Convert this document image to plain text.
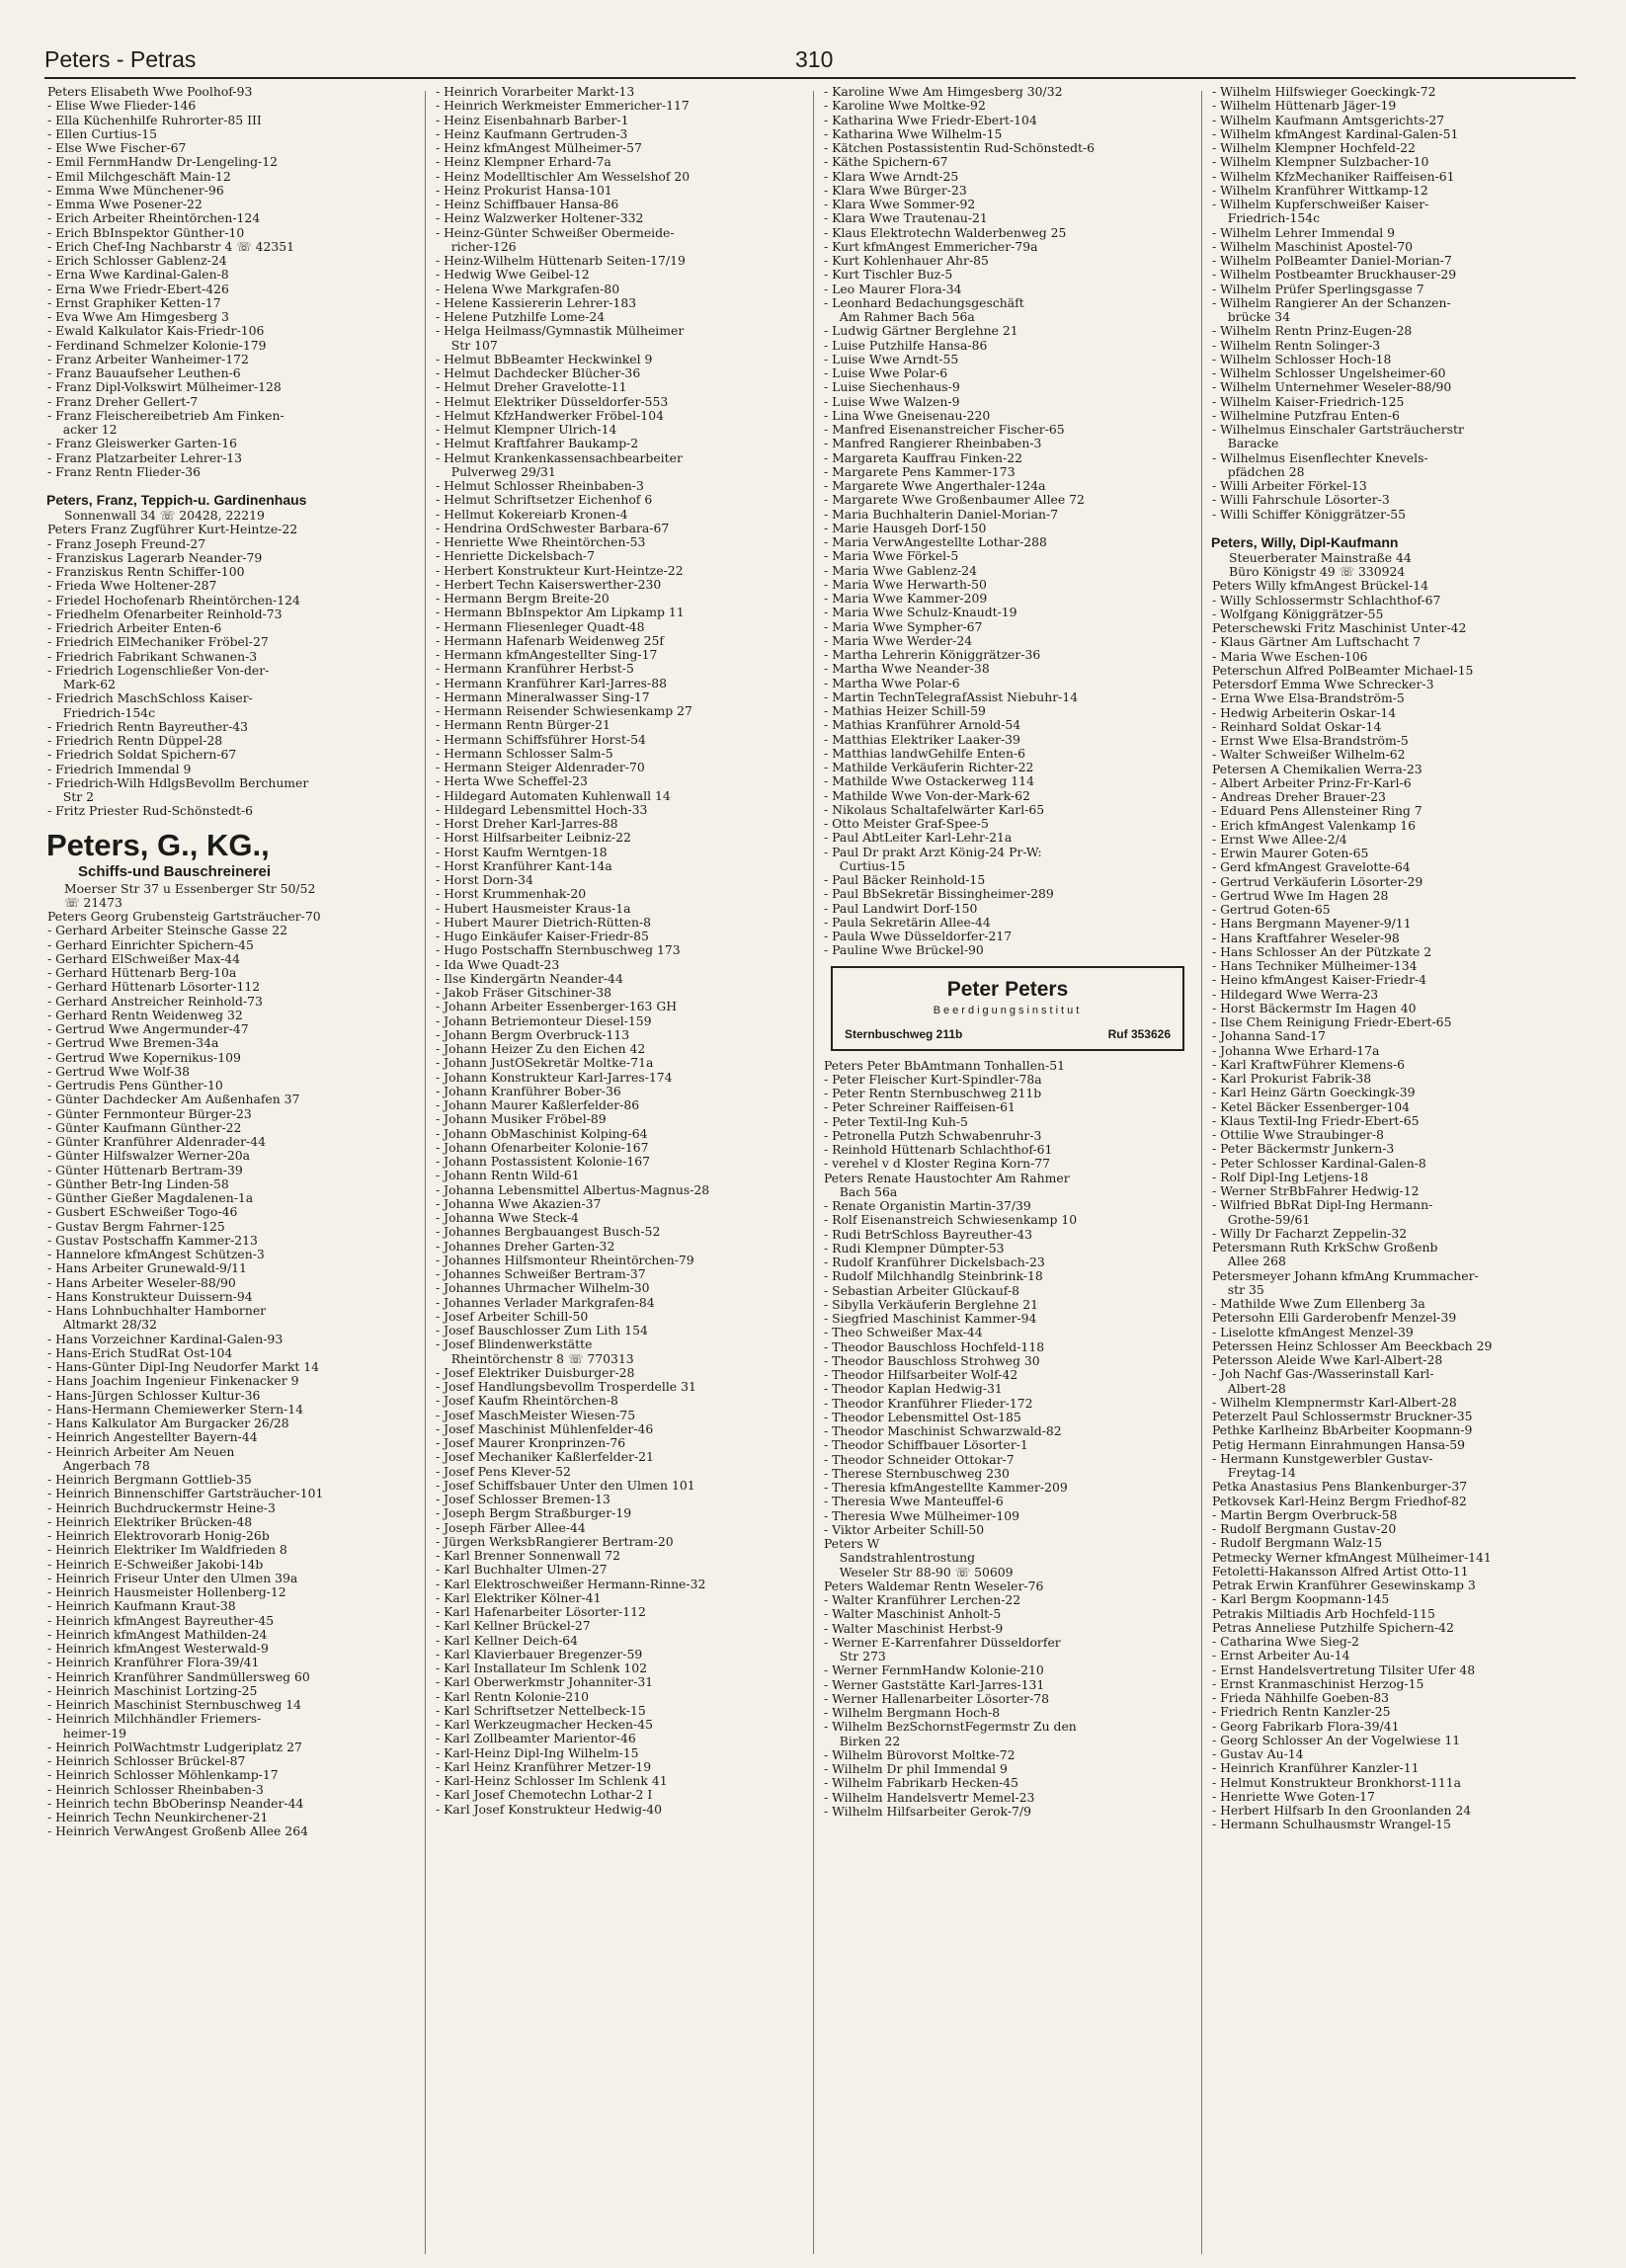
Peters - Petras	310
Peters Elisabeth Wwe Poolhof-93
- Elise Wwe Flieder-146
- Ella Küchenhilfe Ruhrorter-85 III
- Ellen Curtius-15
- Else Wwe Fischer-67
- Emil FernmHandw Dr-Lengeling-12
- Emil Milchgeschäft Main-12
- Emma Wwe Münchener-96
- Emma Wwe Posener-22
- Erich Arbeiter Rheintörchen-124
- Erich BbInspektor Günther-10
- Erich Chef-Ing Nachbarstr 4 ☏ 42351
- Erich Schlosser Gablenz-24
- Erna Wwe Kardinal-Galen-8
- Erna Wwe Friedr-Ebert-426
- Ernst Graphiker Ketten-17
- Eva Wwe Am Himgesberg 3
- Ewald Kalkulator Kais-Friedr-106
- Ferdinand Schmelzer Kolonie-179
- Franz Arbeiter Wanheimer-172
- Franz Bauaufseher Leuthen-6
- Franz Dipl-Volkswirt Mülheimer-128
- Franz Dreher Gellert-7
- Franz Fleischereibetrieb Am Finken-
acker 12
- Franz Gleiswerker Garten-16
- Franz Platzarbeiter Lehrer-13
- Franz Rentn Flieder-36
Peters, Franz, Teppich-u. Gardinenhaus
Sonnenwall 34 ☏ 20428, 22219
Peters Franz Zugführer Kurt-Heintze-22
- Franz Joseph Freund-27
- Franziskus Lagerarb Neander-79
- Franziskus Rentn Schiffer-100
- Frieda Wwe Holtener-287
- Friedel Hochofenarb Rheintörchen-124
- Friedhelm Ofenarbeiter Reinhold-73
- Friedrich Arbeiter Enten-6
- Friedrich ElMechaniker Fröbel-27
- Friedrich Fabrikant Schwanen-3
- Friedrich Logenschließer Von-der-
Mark-62
- Friedrich MaschSchloss Kaiser-
Friedrich-154c
- Friedrich Rentn Bayreuther-43
- Friedrich Rentn Düppel-28
- Friedrich Soldat Spichern-67
- Friedrich Immendal 9
- Friedrich-Wilh HdlgsBevollm Berchumer
Str 2
- Fritz Priester Rud-Schönstedt-6
Peters, G., KG.,
Schiffs-und Bauschreinerei
Moerser Str 37 u Essenberger Str 50/52
☏ 21473
Peters Georg Grubensteig Gartsträucher-70
- Gerhard Arbeiter Steinsche Gasse 22
- Gerhard Einrichter Spichern-45
- Gerhard ElSchweißer Max-44
- Gerhard Hüttenarb Berg-10a
- Gerhard Hüttenarb Lösorter-112
- Gerhard Anstreicher Reinhold-73
- Gerhard Rentn Weidenweg 32
- Gertrud Wwe Angermunder-47
- Gertrud Wwe Bremen-34a
- Gertrud Wwe Kopernikus-109
- Gertrud Wwe Wolf-38
- Gertrudis Pens Günther-10
- Günter Dachdecker Am Außenhafen 37
- Günter Fernmonteur Bürger-23
- Günter Kaufmann Günther-22
- Günter Kranführer Aldenrader-44
- Günter Hilfswalzer Werner-20a
- Günter Hüttenarb Bertram-39
- Günther Betr-Ing Linden-58
- Günther Gießer Magdalenen-1a
- Gusbert ESchweißer Togo-46
- Gustav Bergm Fahrner-125
- Gustav Postschaffn Kammer-213
- Hannelore kfmAngest Schützen-3
- Hans Arbeiter Grunewald-9/11
- Hans Arbeiter Weseler-88/90
- Hans Konstrukteur Duissern-94
- Hans Lohnbuchhalter Hamborner
Altmarkt 28/32
- Hans Vorzeichner Kardinal-Galen-93
- Hans-Erich StudRat Ost-104
- Hans-Günter Dipl-Ing Neudorfer Markt 14
- Hans Joachim Ingenieur Finkenacker 9
- Hans-Jürgen Schlosser Kultur-36
- Hans-Hermann Chemiewerker Stern-14
- Hans Kalkulator Am Burgacker 26/28
- Heinrich Angestellter Bayern-44
- Heinrich Arbeiter Am Neuen
Angerbach 78
- Heinrich Bergmann Gottlieb-35
- Heinrich Binnenschiffer Gartsträucher-101
- Heinrich Buchdruckermstr Heine-3
- Heinrich Elektriker Brücken-48
- Heinrich Elektrovorarb Honig-26b
- Heinrich Elektriker Im Waldfrieden 8
- Heinrich E-Schweißer Jakobi-14b
- Heinrich Friseur Unter den Ulmen 39a
- Heinrich Hausmeister Hollenberg-12
- Heinrich Kaufmann Kraut-38
- Heinrich kfmAngest Bayreuther-45
- Heinrich kfmAngest Mathilden-24
- Heinrich kfmAngest Westerwald-9
- Heinrich Kranführer Flora-39/41
- Heinrich Kranführer Sandmüllersweg 60
- Heinrich Maschinist Lortzing-25
- Heinrich Maschinist Sternbuschweg 14
- Heinrich Milchhändler Friemers-
heimer-19
- Heinrich PolWachtmstr Ludgeriplatz 27
- Heinrich Schlosser Brückel-87
- Heinrich Schlosser Möhlenkamp-17
- Heinrich Schlosser Rheinbaben-3
- Heinrich techn BbOberinsp Neander-44
- Heinrich Techn Neunkirchener-21
- Heinrich VerwAngest Großenb Allee 264
- Heinrich Vorarbeiter Markt-13
- Heinrich Werkmeister Emmericher-117
- Heinz Eisenbahnarb Barber-1
- Heinz Kaufmann Gertruden-3
- Heinz kfmAngest Mülheimer-57
- Heinz Klempner Erhard-7a
- Heinz Modelltischler Am Wesselshof 20
- Heinz Prokurist Hansa-101
- Heinz Schiffbauer Hansa-86
- Heinz Walzwerker Holtener-332
- Heinz-Günter Schweißer Obermeide-
richer-126
- Heinz-Wilhelm Hüttenarb Seiten-17/19
- Hedwig Wwe Geibel-12
- Helena Wwe Markgrafen-80
- Helene Kassiererin Lehrer-183
- Helene Putzhilfe Lome-24
- Helga Heilmass/Gymnastik Mülheimer
Str 107
- Helmut BbBeamter Heckwinkel 9
- Helmut Dachdecker Blücher-36
- Helmut Dreher Gravelotte-11
- Helmut Elektriker Düsseldorfer-553
- Helmut KfzHandwerker Fröbel-104
- Helmut Klempner Ulrich-14
- Helmut Kraftfahrer Baukamp-2
- Helmut Krankenkassensachbearbeiter
Pulverweg 29/31
- Helmut Schlosser Rheinbaben-3
- Helmut Schriftsetzer Eichenhof 6
- Hellmut Kokereiarb Kronen-4
- Hendrina OrdSchwester Barbara-67
- Henriette Wwe Rheintörchen-53
- Henriette Dickelsbach-7
- Herbert Konstrukteur Kurt-Heintze-22
- Herbert Techn Kaiserswerther-230
- Hermann Bergm Breite-20
- Hermann BbInspektor Am Lipkamp 11
- Hermann Fliesenleger Quadt-48
- Hermann Hafenarb Weidenweg 25f
- Hermann kfmAngestellter Sing-17
- Hermann Kranführer Herbst-5
- Hermann Kranführer Karl-Jarres-88
- Hermann Mineralwasser Sing-17
- Hermann Reisender Schwiesenkamp 27
- Hermann Rentn Bürger-21
- Hermann Schiffsführer Horst-54
- Hermann Schlosser Salm-5
- Hermann Steiger Aldenrader-70
- Herta Wwe Scheffel-23
- Hildegard Automaten Kuhlenwall 14
- Hildegard Lebensmittel Hoch-33
- Horst Dreher Karl-Jarres-88
- Horst Hilfsarbeiter Leibniz-22
- Horst Kaufm Werntgen-18
- Horst Kranführer Kant-14a
- Horst Dorn-34
- Horst Krummenhak-20
- Hubert Hausmeister Kraus-1a
- Hubert Maurer Dietrich-Rütten-8
- Hugo Einkäufer Kaiser-Friedr-85
- Hugo Postschaffn Sternbuschweg 173
- Ida Wwe Quadt-23
- Ilse Kindergärtn Neander-44
- Jakob Fräser Gitschiner-38
- Johann Arbeiter Essenberger-163 GH
- Johann Betriemonteur Diesel-159
- Johann Bergm Overbruck-113
- Johann Heizer Zu den Eichen 42
- Johann JustOSekretär Moltke-71a
- Johann Konstrukteur Karl-Jarres-174
- Johann Kranführer Bober-36
- Johann Maurer Kaßlerfelder-86
- Johann Musiker Fröbel-89
- Johann ObMaschinist Kolping-64
- Johann Ofenarbeiter Kolonie-167
- Johann Postassistent Kolonie-167
- Johann Rentn Wild-61
- Johanna Lebensmittel Albertus-Magnus-28
- Johanna Wwe Akazien-37
- Johanna Wwe Steck-4
- Johannes Bergbauangest Busch-52
- Johannes Dreher Garten-32
- Johannes Hilfsmonteur Rheintörchen-79
- Johannes Schweißer Bertram-37
- Johannes Uhrmacher Wilhelm-30
- Johannes Verlader Markgrafen-84
- Josef Arbeiter Schill-50
- Josef Bauschlosser Zum Lith 154
- Josef Blindenwerkstätte
Rheintörchenstr 8 ☏ 770313
- Josef Elektriker Duisburger-28
- Josef Handlungsbevollm Trosperdelle 31
- Josef Kaufm Rheintörchen-8
- Josef MaschMeister Wiesen-75
- Josef Maschinist Mühlenfelder-46
- Josef Maurer Kronprinzen-76
- Josef Mechaniker Kaßlerfelder-21
- Josef Pens Klever-52
- Josef Schiffsbauer Unter den Ulmen 101
- Josef Schlosser Bremen-13
- Joseph Bergm Straßburger-19
- Joseph Färber Allee-44
- Jürgen WerksbRangierer Bertram-20
- Karl Brenner Sonnenwall 72
- Karl Buchhalter Ulmen-27
- Karl Elektroschweißer Hermann-Rinne-32
- Karl Elektriker Kölner-41
- Karl Hafenarbeiter Lösorter-112
- Karl Kellner Brückel-27
- Karl Kellner Deich-64
- Karl Klavierbauer Bregenzer-59
- Karl Installateur Im Schlenk 102
- Karl Oberwerkmstr Johanniter-31
- Karl Rentn Kolonie-210
- Karl Schriftsetzer Nettelbeck-15
- Karl Werkzeugmacher Hecken-45
- Karl Zollbeamter Marientor-46
- Karl-Heinz Dipl-Ing Wilhelm-15
- Karl Heinz Kranführer Metzer-19
- Karl-Heinz Schlosser Im Schlenk 41
- Karl Josef Chemotechn Lothar-2 I
- Karl Josef Konstrukteur Hedwig-40
- Karoline Wwe Am Himgesberg 30/32
- Karoline Wwe Moltke-92
- Katharina Wwe Friedr-Ebert-104
- Katharina Wwe Wilhelm-15
- Kätchen Postassistentin Rud-Schönstedt-6
- Käthe Spichern-67
- Klara Wwe Arndt-25
- Klara Wwe Bürger-23
- Klara Wwe Sommer-92
- Klara Wwe Trautenau-21
- Klaus Elektrotechn Walderbenweg 25
- Kurt kfmAngest Emmericher-79a
- Kurt Kohlenhauer Ahr-85
- Kurt Tischler Buz-5
- Leo Maurer Flora-34
- Leonhard Bedachungsgeschäft
Am Rahmer Bach 56a
- Ludwig Gärtner Berglehne 21
- Luise Putzhilfe Hansa-86
- Luise Wwe Arndt-55
- Luise Wwe Polar-6
- Luise Siechenhaus-9
- Luise Wwe Walzen-9
- Lina Wwe Gneisenau-220
- Manfred Eisenanstreicher Fischer-65
- Manfred Rangierer Rheinbaben-3
- Margareta Kauffrau Finken-22
- Margarete Pens Kammer-173
- Margarete Wwe Angerthaler-124a
- Margarete Wwe Großenbaumer Allee 72
- Maria Buchhalterin Daniel-Morian-7
- Marie Hausgeh Dorf-150
- Maria VerwAngestellte Lothar-288
- Maria Wwe Förkel-5
- Maria Wwe Gablenz-24
- Maria Wwe Herwarth-50
- Maria Wwe Kammer-209
- Maria Wwe Schulz-Knaudt-19
- Maria Wwe Sympher-67
- Maria Wwe Werder-24
- Martha Lehrerin Königgrätzer-36
- Martha Wwe Neander-38
- Martha Wwe Polar-6
- Martin TechnTelegrafAssist Niebuhr-14
- Mathias Heizer Schill-59
- Mathias Kranführer Arnold-54
- Matthias Elektriker Laaker-39
- Matthias landwGehilfe Enten-6
- Mathilde Verkäuferin Richter-22
- Mathilde Wwe Ostackerweg 114
- Mathilde Wwe Von-der-Mark-62
- Nikolaus Schaltafelwärter Karl-65
- Otto Meister Graf-Spee-5
- Paul AbtLeiter Karl-Lehr-21a
- Paul Dr prakt Arzt König-24 Pr-W:
Curtius-15
- Paul Bäcker Reinhold-15
- Paul BbSekretär Bissingheimer-289
- Paul Landwirt Dorf-150
- Paula Sekretärin Allee-44
- Paula Wwe Düsseldorfer-217
- Pauline Wwe Brückel-90
Peter Peters
Beerdigungsinstitut
Sternbuschweg 211b	Ruf 353626
Peters Peter BbAmtmann Tonhallen-51
- Peter Fleischer Kurt-Spindler-78a
- Peter Rentn Sternbuschweg 211b
- Peter Schreiner Raiffeisen-61
- Peter Textil-Ing Kuh-5
- Petronella Putzh Schwabenruhr-3
- Reinhold Hüttenarb Schlachthof-61
- verehel v d Kloster Regina Korn-77
Peters Renate Haustochter Am Rahmer
Bach 56a
- Renate Organistin Martin-37/39
- Rolf Eisenanstreich Schwiesenkamp 10
- Rudi BetrSchloss Bayreuther-43
- Rudi Klempner Dümpter-53
- Rudolf Kranführer Dickelsbach-23
- Rudolf Milchhandlg Steinbrink-18
- Sebastian Arbeiter Glückauf-8
- Sibylla Verkäuferin Berglehne 21
- Siegfried Maschinist Kammer-94
- Theo Schweißer Max-44
- Theodor Bauschloss Hochfeld-118
- Theodor Bauschloss Strohweg 30
- Theodor Hilfsarbeiter Wolf-42
- Theodor Kaplan Hedwig-31
- Theodor Kranführer Flieder-172
- Theodor Lebensmittel Ost-185
- Theodor Maschinist Schwarzwald-82
- Theodor Schiffbauer Lösorter-1
- Theodor Schneider Ottokar-7
- Therese Sternbuschweg 230
- Theresia kfmAngestellte Kammer-209
- Theresia Wwe Manteuffel-6
- Theresia Wwe Mülheimer-109
- Viktor Arbeiter Schill-50
Peters W
Sandstrahlentrostung
Weseler Str 88-90 ☏ 50609
Peters Waldemar Rentn Weseler-76
- Walter Kranführer Lerchen-22
- Walter Maschinist Anholt-5
- Walter Maschinist Herbst-9
- Werner E-Karrenfahrer Düsseldorfer
Str 273
- Werner FernmHandw Kolonie-210
- Werner Gaststätte Karl-Jarres-131
- Werner Hallenarbeiter Lösorter-78
- Wilhelm Bergmann Hoch-8
- Wilhelm BezSchornstFegermstr Zu den
Birken 22
- Wilhelm Bürovorst Moltke-72
- Wilhelm Dr phil Immendal 9
- Wilhelm Fabrikarb Hecken-45
- Wilhelm Handelsvertr Memel-23
- Wilhelm Hilfsarbeiter Gerok-7/9
- Wilhelm Hilfswieger Goeckingk-72
- Wilhelm Hüttenarb Jäger-19
- Wilhelm Kaufmann Amtsgerichts-27
- Wilhelm kfmAngest Kardinal-Galen-51
- Wilhelm Klempner Hochfeld-22
- Wilhelm Klempner Sulzbacher-10
- Wilhelm KfzMechaniker Raiffeisen-61
- Wilhelm Kranführer Wittkamp-12
- Wilhelm Kupferschweißer Kaiser-
Friedrich-154c
- Wilhelm Lehrer Immendal 9
- Wilhelm Maschinist Apostel-70
- Wilhelm PolBeamter Daniel-Morian-7
- Wilhelm Postbeamter Bruckhauser-29
- Wilhelm Prüfer Sperlingsgasse 7
- Wilhelm Rangierer An der Schanzen-
brücke 34
- Wilhelm Rentn Prinz-Eugen-28
- Wilhelm Rentn Solinger-3
- Wilhelm Schlosser Hoch-18
- Wilhelm Schlosser Ungelsheimer-60
- Wilhelm Unternehmer Weseler-88/90
- Wilhelm Kaiser-Friedrich-125
- Wilhelmine Putzfrau Enten-6
- Wilhelmus Einschaler Gartsträucherstr
Baracke
- Wilhelmus Eisenflechter Knevels-
pfädchen 28
- Willi Arbeiter Förkel-13
- Willi Fahrschule Lösorter-3
- Willi Schiffer Königgrätzer-55
Peters, Willy, Dipl-Kaufmann
Steuerberater Mainstraße 44
Büro Königstr 49 ☏ 330924
Peters Willy kfmAngest Brückel-14
- Willy Schlossermstr Schlachthof-67
- Wolfgang Königgrätzer-55
Peterschewski Fritz Maschinist Unter-42
- Klaus Gärtner Am Luftschacht 7
- Maria Wwe Eschen-106
Peterschun Alfred PolBeamter Michael-15
Petersdorf Emma Wwe Schrecker-3
- Erna Wwe Elsa-Brandström-5
- Hedwig Arbeiterin Oskar-14
- Reinhard Soldat Oskar-14
- Ernst Wwe Elsa-Brandström-5
- Walter Schweißer Wilhelm-62
Petersen A Chemikalien Werra-23
- Albert Arbeiter Prinz-Fr-Karl-6
- Andreas Dreher Brauer-23
- Eduard Pens Allensteiner Ring 7
- Erich kfmAngest Valenkamp 16
- Ernst Wwe Allee-2/4
- Erwin Maurer Goten-65
- Gerd kfmAngest Gravelotte-64
- Gertrud Verkäuferin Lösorter-29
- Gertrud Wwe Im Hagen 28
- Gertrud Goten-65
- Hans Bergmann Mayener-9/11
- Hans Kraftfahrer Weseler-98
- Hans Schlosser An der Pützkate 2
- Hans Techniker Mülheimer-134
- Heino kfmAngest Kaiser-Friedr-4
- Hildegard Wwe Werra-23
- Horst Bäckermstr Im Hagen 40
- Ilse Chem Reinigung Friedr-Ebert-65
- Johanna Sand-17
- Johanna Wwe Erhard-17a
- Karl KraftwFührer Klemens-6
- Karl Prokurist Fabrik-38
- Karl Heinz Gärtn Goeckingk-39
- Ketel Bäcker Essenberger-104
- Klaus Textil-Ing Friedr-Ebert-65
- Ottilie Wwe Straubinger-8
- Peter Bäckermstr Junkern-3
- Peter Schlosser Kardinal-Galen-8
- Rolf Dipl-Ing Letjens-18
- Werner StrBbFahrer Hedwig-12
- Wilfried BbRat Dipl-Ing Hermann-
Grothe-59/61
- Willy Dr Facharzt Zeppelin-32
Petersmann Ruth KrkSchw Großenb
Allee 268
Petersmeyer Johann kfmAng Krummacher-
str 35
- Mathilde Wwe Zum Ellenberg 3a
Petersohn Elli Garderobenfr Menzel-39
- Liselotte kfmAngest Menzel-39
Peterssen Heinz Schlosser Am Beeckbach 29
Petersson Aleide Wwe Karl-Albert-28
- Joh Nachf Gas-/Wasserinstall Karl-
Albert-28
- Wilhelm Klempnermstr Karl-Albert-28
Peterzelt Paul Schlossermstr Bruckner-35
Pethke Karlheinz BbArbeiter Koopmann-9
Petig Hermann Einrahmungen Hansa-59
- Hermann Kunstgewerbler Gustav-
Freytag-14
Petka Anastasius Pens Blankenburger-37
Petkovsek Karl-Heinz Bergm Friedhof-82
- Martin Bergm Overbruck-58
- Rudolf Bergmann Gustav-20
- Rudolf Bergmann Walz-15
Petmecky Werner kfmAngest Mülheimer-141
Fetoletti-Hakansson Alfred Artist Otto-11
Petrak Erwin Kranführer Gesewinskamp 3
- Karl Bergm Koopmann-145
Petrakis Miltiadis Arb Hochfeld-115
Petras Anneliese Putzhilfe Spichern-42
- Catharina Wwe Sieg-2
- Ernst Arbeiter Au-14
- Ernst Handelsvertretung Tilsiter Ufer 48
- Ernst Kranmaschinist Herzog-15
- Frieda Nähhilfe Goeben-83
- Friedrich Rentn Kanzler-25
- Georg Fabrikarb Flora-39/41
- Georg Schlosser An der Vogelwiese 11
- Gustav Au-14
- Heinrich Kranführer Kanzler-11
- Helmut Konstrukteur Bronkhorst-111a
- Henriette Wwe Goten-17
- Herbert Hilfsarb In den Groonlanden 24
- Hermann Schulhausmstr Wrangel-15
